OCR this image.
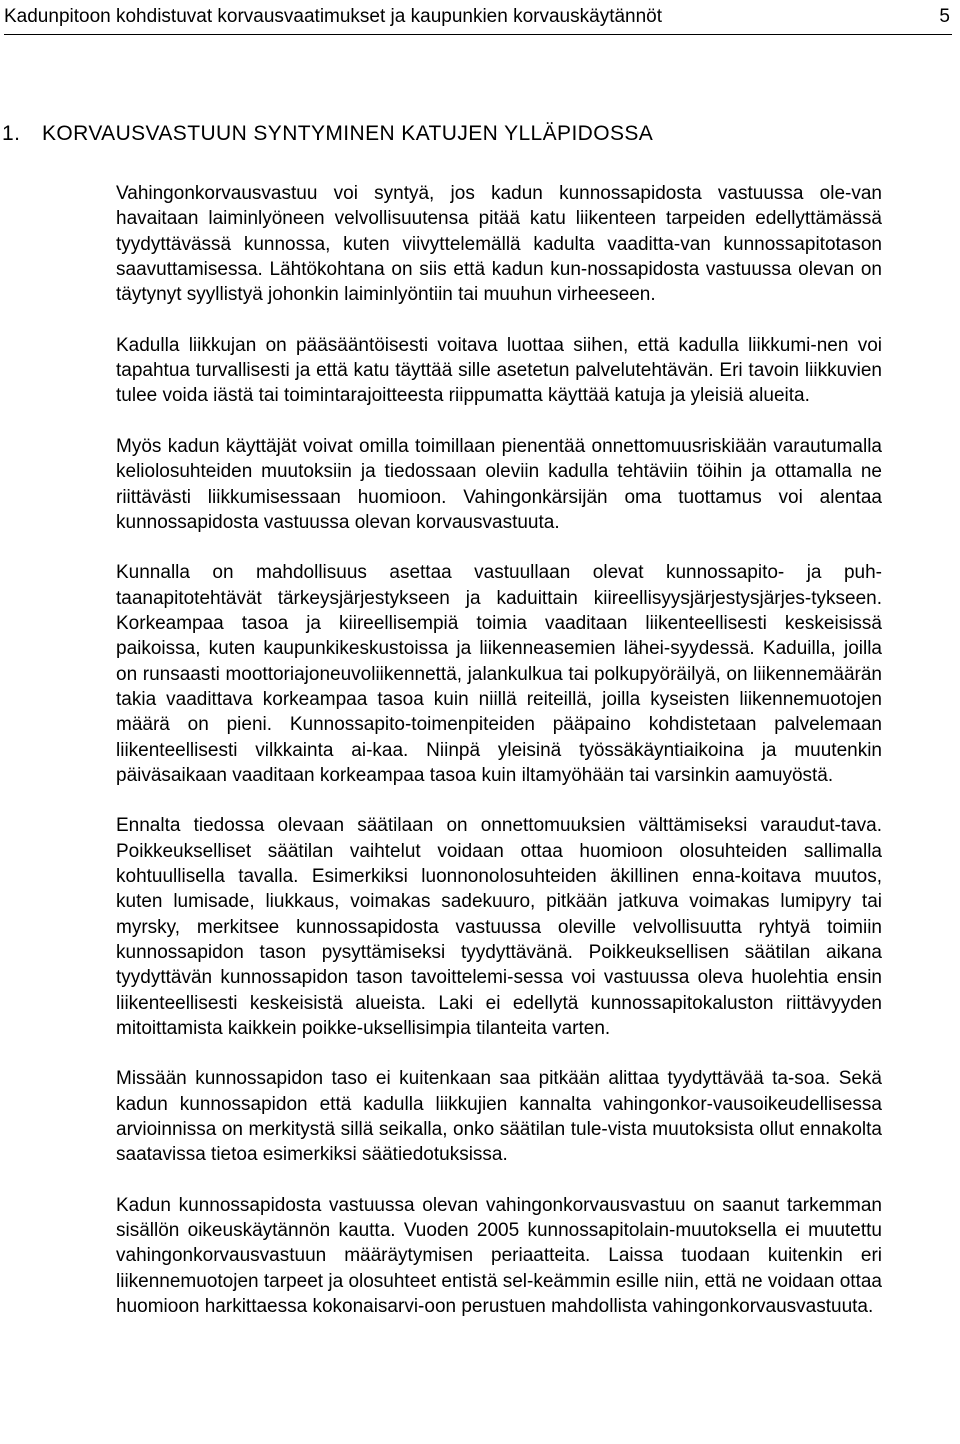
Kadunpitoon kohdistuvat korvausvaatimukset ja kaupunkien korvauskäytännöt	5
1. KORVAUSVASTUUN SYNTYMINEN KATUJEN YLLÄPIDOSSA

Vahingonkorvausvastuu voi syntyä, jos kadun kunnossapidosta vastuussa ole-van havaitaan laiminlyöneen velvollisuutensa pitää katu liikenteen tarpeiden edellyttämässä tyydyttävässä kunnossa, kuten viivyttelemällä kadulta vaaditta-van kunnossapitotason saavuttamisessa. Lähtökohtana on siis että kadun kun-nossapidosta vastuussa olevan on täytynyt syyllistyä johonkin laiminlyöntiin tai muuhun virheeseen.

Kadulla liikkujan on pääsääntöisesti voitava luottaa siihen, että kadulla liikkumi-nen voi tapahtua turvallisesti ja että katu täyttää sille asetetun palvelutehtävän. Eri tavoin liikkuvien tulee voida iästä tai toimintarajoitteesta riippumatta käyttää katuja ja yleisiä alueita.

Myös kadun käyttäjät voivat omilla toimillaan pienentää onnettomuusriskiään varautumalla keliolosuhteiden muutoksiin ja tiedossaan oleviin kadulla tehtäviin töihin ja ottamalla ne riittävästi liikkumisessaan huomioon. Vahingonkärsijän oma tuottamus voi alentaa kunnossapidosta vastuussa olevan korvausvastuuta.

Kunnalla on mahdollisuus asettaa vastuullaan olevat kunnossapito- ja puh-taanapitotehtävät tärkeysjärjestykseen ja kaduittain kiireellisyysjärjestysjärjes-tykseen. Korkeampaa tasoa ja kiireellisempiä toimia vaaditaan liikenteellisesti keskeisissä paikoissa, kuten kaupunkikeskustoissa ja liikenneasemien lähei-syydessä. Kaduilla, joilla on runsaasti moottoriajoneuvoliikennettä, jalankulkua tai polkupyöräilyä, on liikennemäärän takia vaadittava korkeampaa tasoa kuin niillä reiteillä, joilla kyseisten liikennemuotojen määrä on pieni. Kunnossapito-toimenpiteiden pääpaino kohdistetaan palvelemaan liikenteellisesti vilkkainta ai-kaa. Niinpä yleisinä työssäkäyntiaikoina ja muutenkin päiväsaikaan vaaditaan korkeampaa tasoa kuin iltamyöhään tai varsinkin aamuyöstä.

Ennalta tiedossa olevaan säätilaan on onnettomuuksien välttämiseksi varaudut-tava. Poikkeukselliset säätilan vaihtelut voidaan ottaa huomioon olosuhteiden sallimalla kohtuullisella tavalla. Esimerkiksi luonnonolosuhteiden äkillinen enna-koitava muutos, kuten lumisade, liukkaus, voimakas sadekuuro, pitkään jatkuva voimakas lumipyry tai myrsky, merkitsee kunnossapidosta vastuussa oleville velvollisuutta ryhtyä toimiin kunnossapidon tason pysyttämiseksi tyydyttävänä. Poikkeuksellisen säätilan aikana tyydyttävän kunnossapidon tason tavoittelemi-sessa voi vastuussa oleva huolehtia ensin liikenteellisesti keskeisistä alueista. Laki ei edellytä kunnossapitokaluston riittävyyden mitoittamista kaikkein poikke-uksellisimpia tilanteita varten.

Missään kunnossapidon taso ei kuitenkaan saa pitkään alittaa tyydyttävää ta-soa. Sekä kadun kunnossapidon että kadulla liikkujien kannalta vahingonkor-vausoikeudellisessa arvioinnissa on merkitystä sillä seikalla, onko säätilan tule-vista muutoksista ollut ennakolta saatavissa tietoa esimerkiksi säätiedotuksissa.

Kadun kunnossapidosta vastuussa olevan vahingonkorvausvastuu on saanut tarkemman sisällön oikeuskäytännön kautta. Vuoden 2005 kunnossapitolain-muutoksella ei muutettu vahingonkorvausvastuun määräytymisen periaatteita. Laissa tuodaan kuitenkin eri liikennemuotojen tarpeet ja olosuhteet entistä sel-keämmin esille niin, että ne voidaan ottaa huomioon harkittaessa kokonaisarvi-oon perustuen mahdollista vahingonkorvausvastuuta.
